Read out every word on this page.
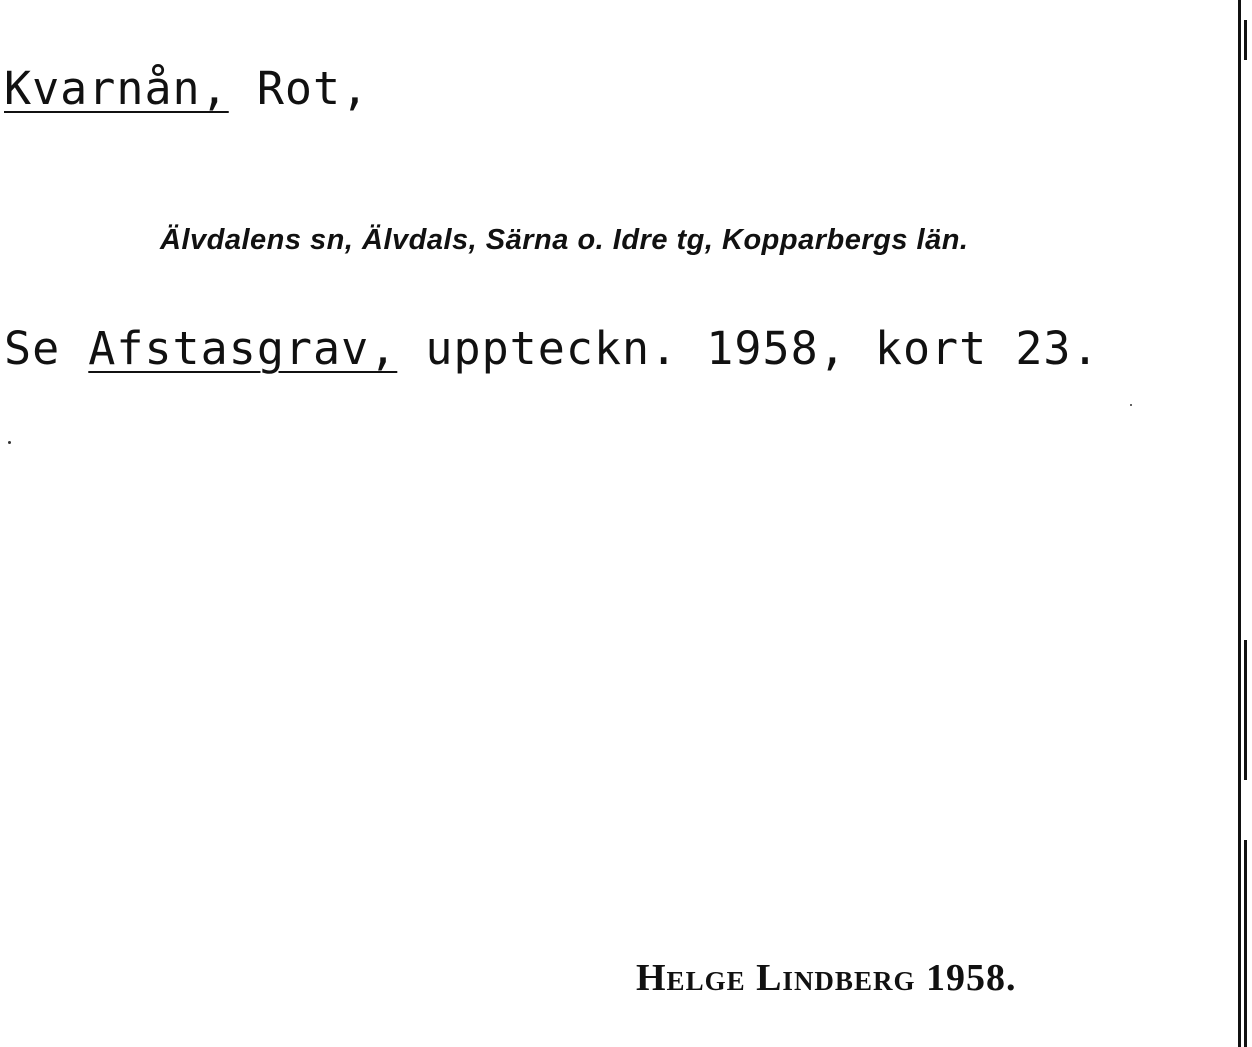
Kvarnån, Rot,
Älvdalens sn, Älvdals, Särna o. Idre tg, Kopparbergs län.
Se Afstasgrav, uppteckn. 1958, kort 23.
Helge Lindberg 1958.
